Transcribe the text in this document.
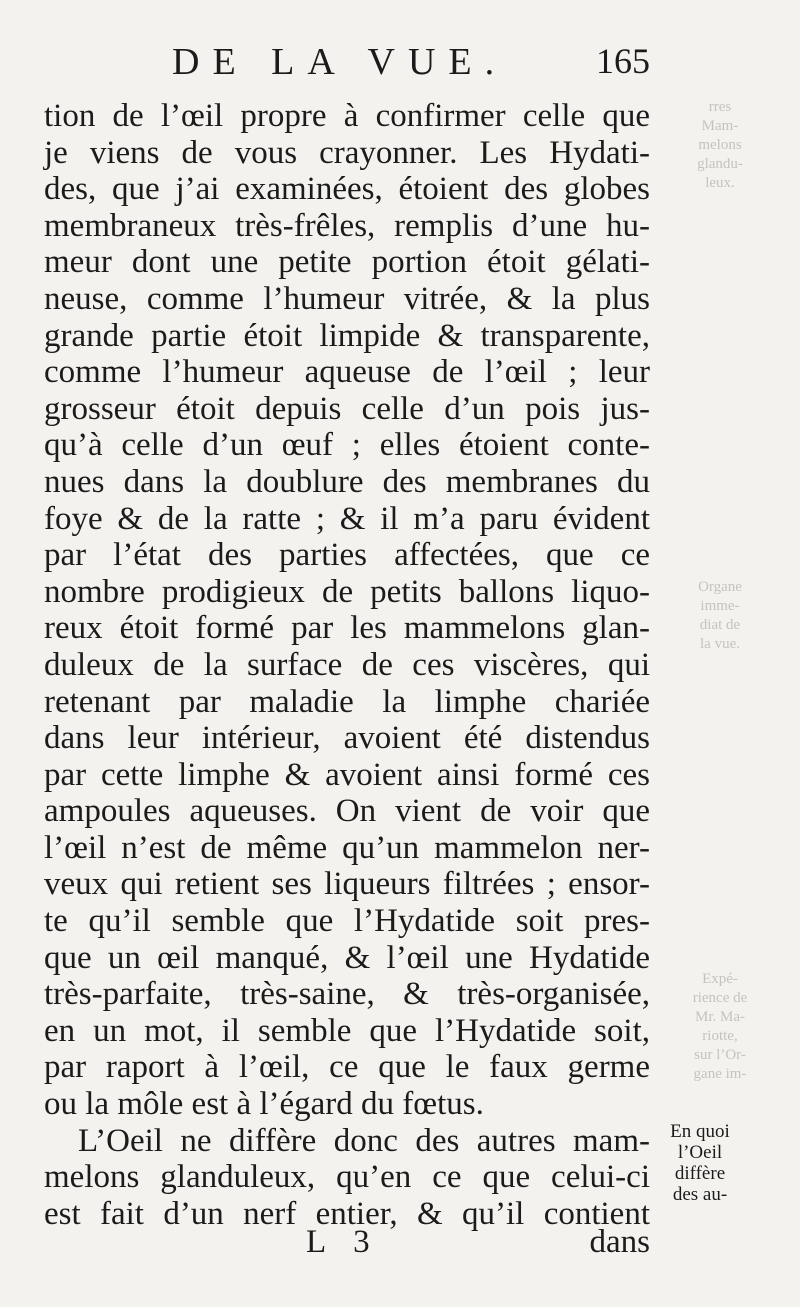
DE LA VUE. 165
rres
Mam-
melons
glandu-
leux.
Organe
imme-
diat de
la vue.
Expé-
rience de
Mr. Ma-
riotte,
sur l’Or-
gane im-
tion de l’œil propre à confirmer celle que
je viens de vous crayonner. Les Hydati-
des, que j’ai examinées, étoient des globes
membraneux très-frêles, remplis d’une hu-
meur dont une petite portion étoit gélati-
neuse, comme l’humeur vitrée, & la plus
grande partie étoit limpide & transparente,
comme l’humeur aqueuse de l’œil ; leur
grosseur étoit depuis celle d’un pois jus-
qu’à celle d’un œuf ; elles étoient conte-
nues dans la doublure des membranes du
foye & de la ratte ; & il m’a paru évident
par l’état des parties affectées, que ce
nombre prodigieux de petits ballons liquo-
reux étoit formé par les mammelons glan-
duleux de la surface de ces viscères, qui
retenant par maladie la limphe chariée
dans leur intérieur, avoient été distendus
par cette limphe & avoient ainsi formé ces
ampoules aqueuses. On vient de voir que
l’œil n’est de même qu’un mammelon ner-
veux qui retient ses liqueurs filtrées ; ensor-
te qu’il semble que l’Hydatide soit pres-
que un œil manqué, & l’œil une Hydatide
très-parfaite, très-saine, & très-organisée,
en un mot, il semble que l’Hydatide soit,
par raport à l’œil, ce que le faux germe
ou la môle est à l’égard du fœtus.
L’Oeil ne diffère donc des autres mam-
melons glanduleux, qu’en ce que celui-ci
est fait d’un nerf entier, & qu’il contient
En quoi
l’Oeil
diffère
des au-
L 3	dans
